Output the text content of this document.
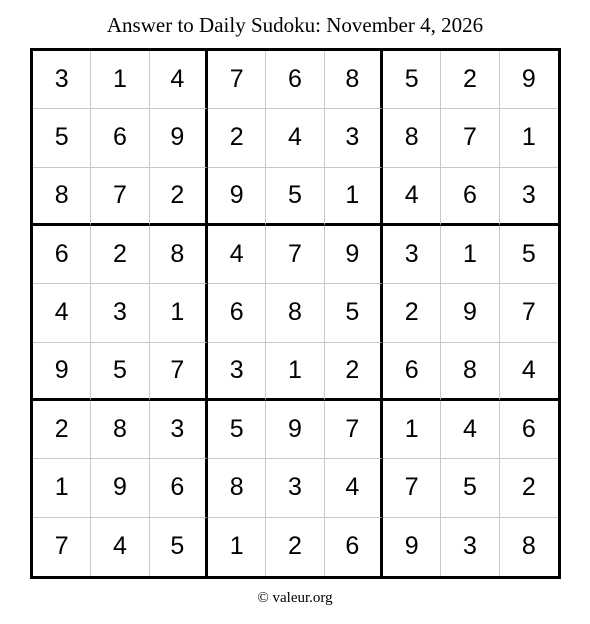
Answer to Daily Sudoku: November 4, 2026
3	1	4	7	6	8	5	2	9
5	6	9	2	4	3	8	7	1
8	7	2	9	5	1	4	6	3
6	2	8	4	7	9	3	1	5
4	3	1	6	8	5	2	9	7
9	5	7	3	1	2	6	8	4
2	8	3	5	9	7	1	4	6
1	9	6	8	3	4	7	5	2
7	4	5	1	2	6	9	3	8
© valeur.org
